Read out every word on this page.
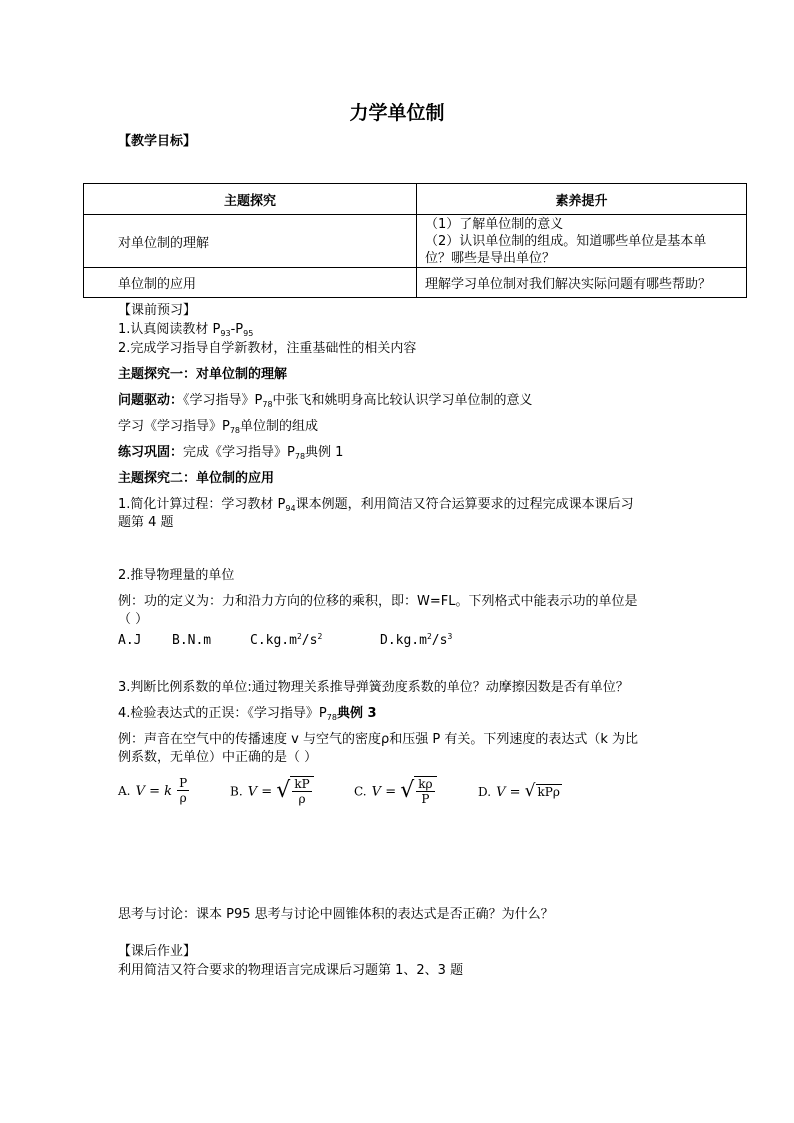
力学单位制
【教学目标】
主题探究	素养提升
对单位制的理解	（1）了解单位制的意义
（2）认识单位制的组成。知道哪些单位是基本单
位？哪些是导出单位？

单位制的应用	理解学习单位制对我们解决实际问题有哪些帮助？
【课前预习】
1.认真阅读教材 $P_{93}-P_{95}$
2.完成学习指导自学新教材，注重基础性的相关内容
主题探究一：对单位制的理解
问题驱动：《学习指导》$P_{78}$中张飞和姚明身高比较认识学习单位制的意义
学习《学习指导》$P_{78}$单位制的组成
练习巩固：完成《学习指导》$P_{78}$典例 1
主题探究二：单位制的应用
1.简化计算过程：学习教材 $P_{94}$课本例题，利用简洁又符合运算要求的过程完成课本课后习
题第 4 题
2.推导物理量的单位
例：功的定义为：力和沿力方向的位移的乘积，即：W=FL。下列格式中能表示功的单位是
（ ）
A.J B.N.m	$C.kg.m^2/s^2$	$D.kg.m^2/s^3$
3.判断比例系数的单位:通过物理关系推导弹簧劲度系数的单位？动摩擦因数是否有单位？
4.检验表达式的正误：《学习指导》$P_{78}$典例 3
例：声音在空气中的传播速度 v 与空气的密度ρ和压强 P 有关。下列速度的表达式（k 为比
例系数，无单位）中正确的是（ ）
A. V = k $\frac{P}{\rho}$	B. V = √ $\frac{kP}{\rho}$	C. V = √ $\frac{k\rho}{P}$	D. V = √ kPρ
思考与讨论：课本 P95 思考与讨论中圆锥体积的表达式是否正确？为什么？
【课后作业】
利用简洁又符合要求的物理语言完成课后习题第 1、2、3 题
